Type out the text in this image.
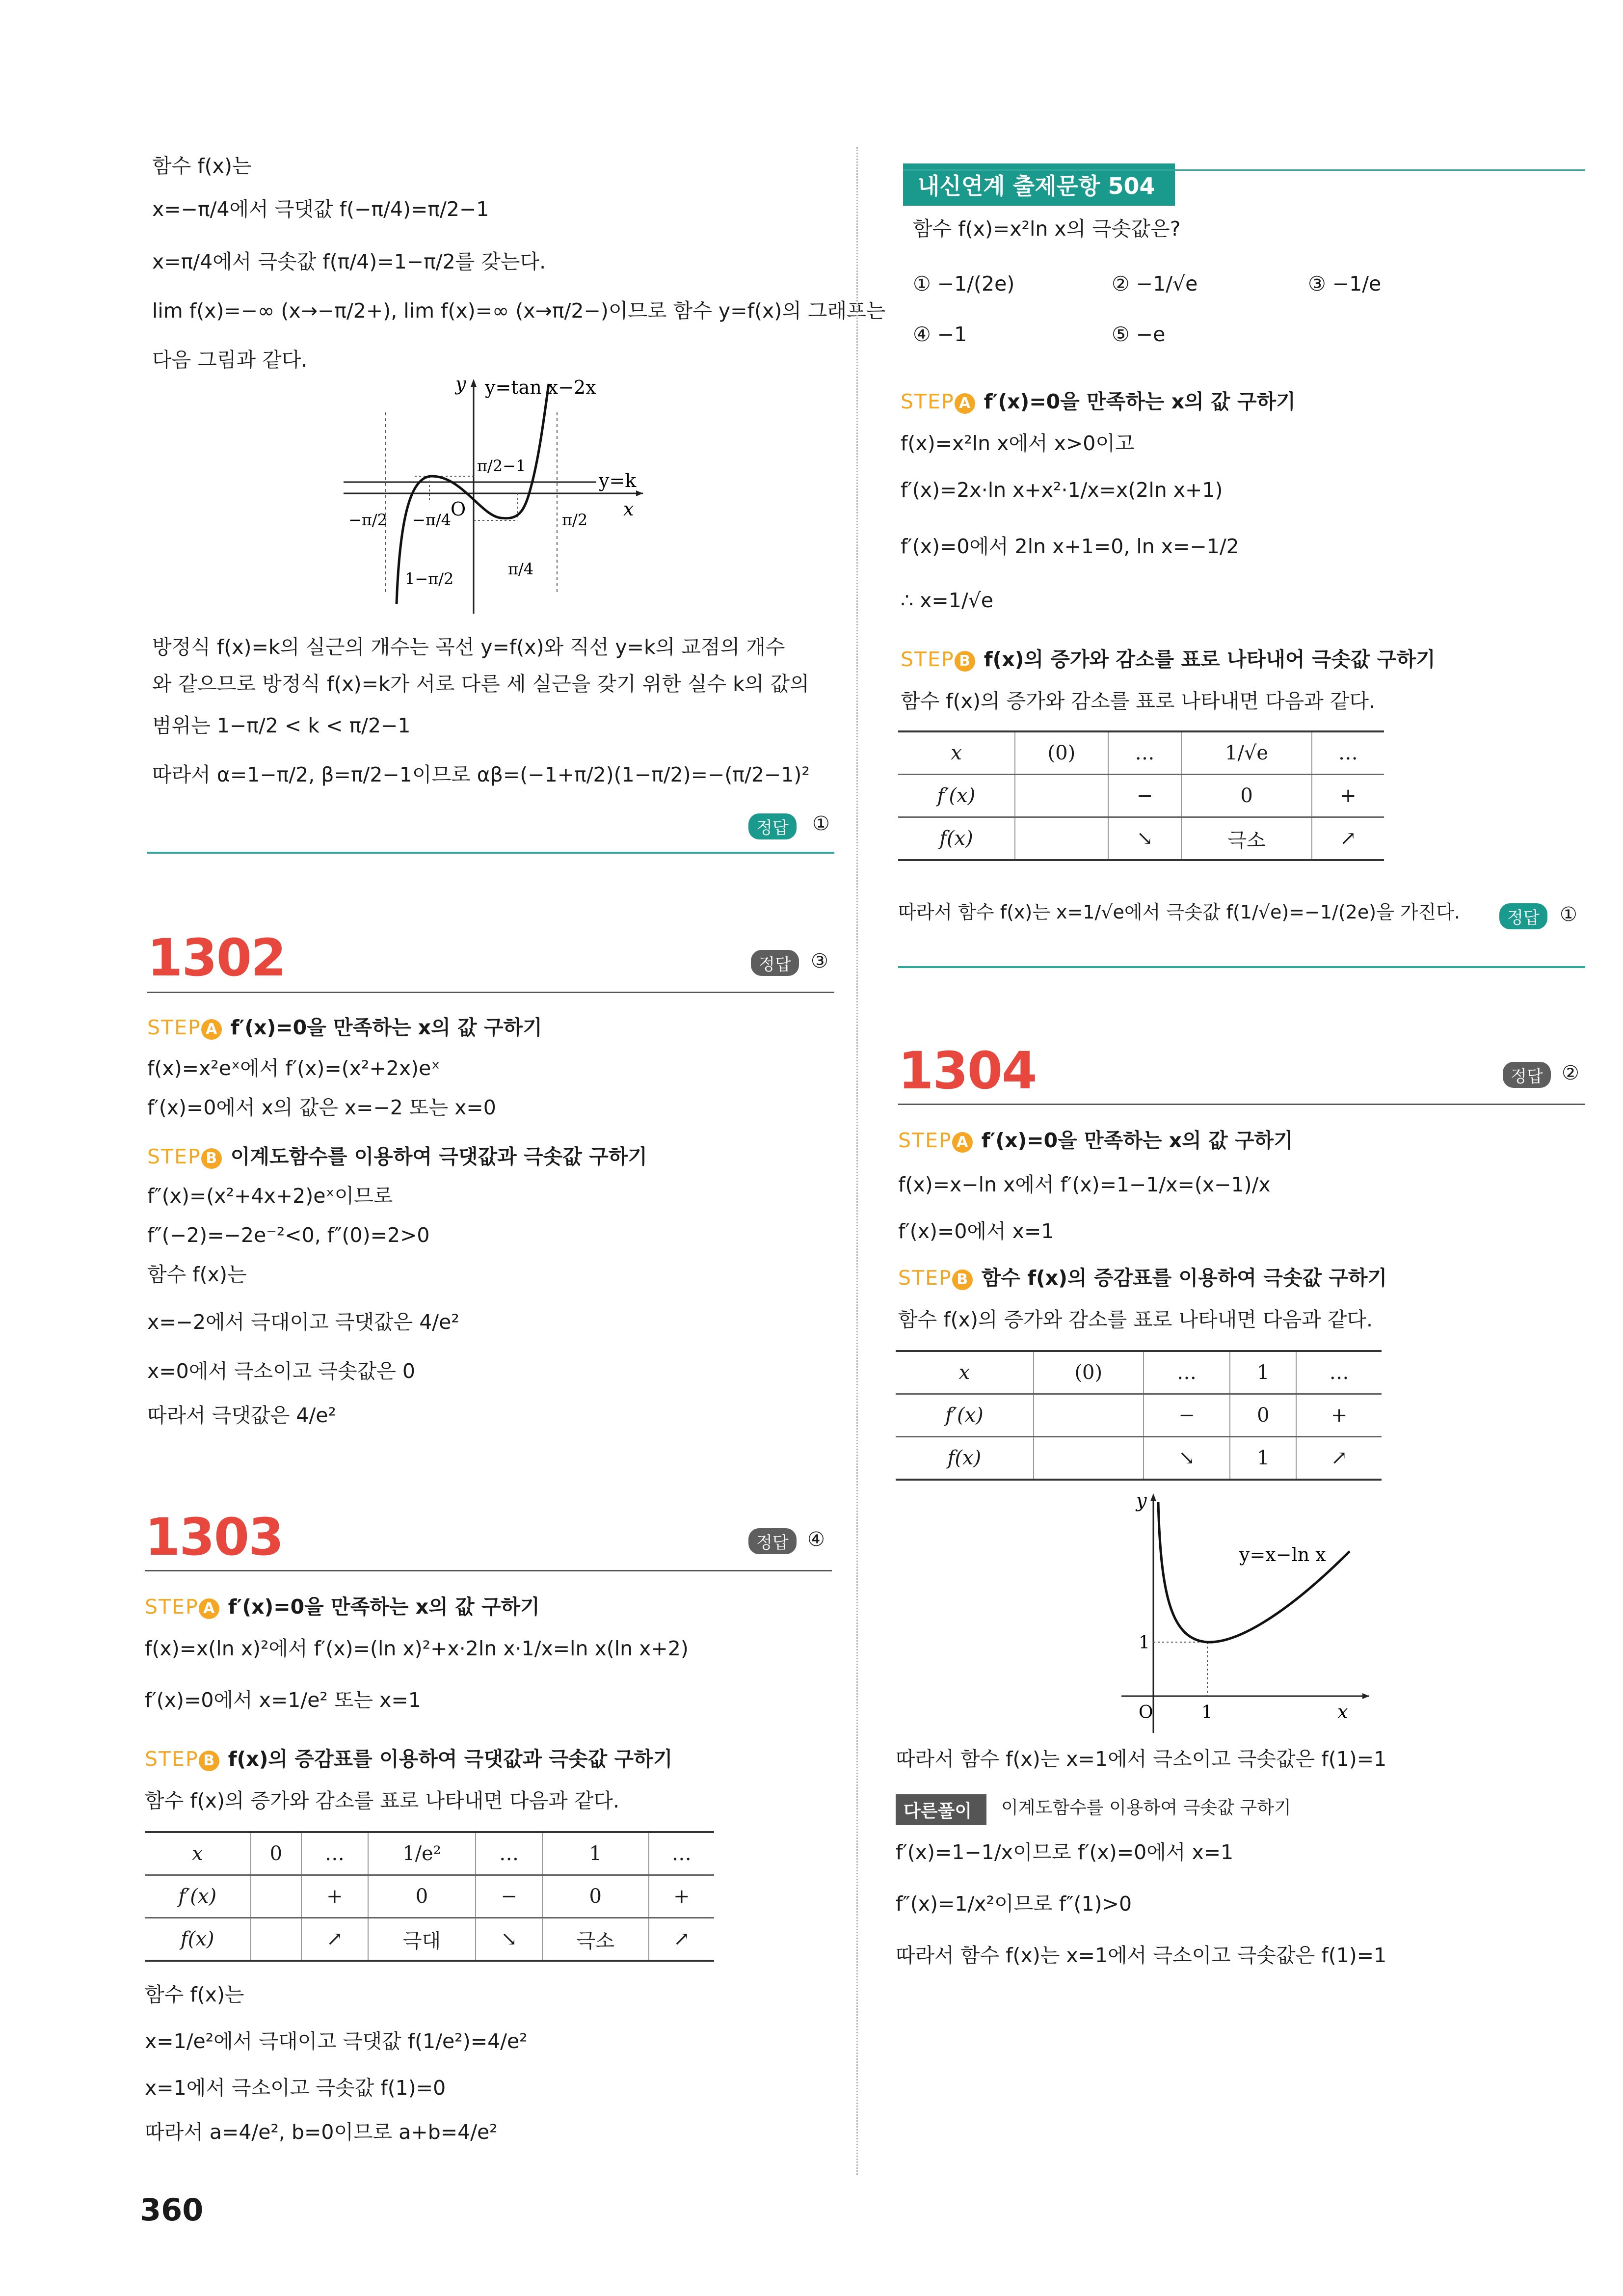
함수 f(x)는
x=−π/4에서 극댓값 f(−π/4)=π/2−1
x=π/4에서 극솟값 f(π/4)=1−π/2를 갖는다.
lim f(x)=−∞ (x→−π/2+), lim f(x)=∞ (x→π/2−)이므로 함수 y=f(x)의 그래프는
다음 그림과 같다.
y y=tan x−2x
y=k
x
O
−π/2 −π/4
π/4
π/2
π/2−1
1−π/2
방정식 f(x)=k의 실근의 개수는 곡선 y=f(x)와 직선 y=k의 교점의 개수
와 같으므로 방정식 f(x)=k가 서로 다른 세 실근을 갖기 위한 실수 k의 값의
범위는 1−π/2 < k < π/2−1
따라서 α=1−π/2, β=π/2−1이므로 αβ=(−1+π/2)(1−π/2)=−(π/2−1)²
정답	①
1302	정답	③
STEP A f′(x)=0을 만족하는 x의 값 구하기
f(x)=x²eˣ에서 f′(x)=(x²+2x)eˣ
f′(x)=0에서 x의 값은 x=−2 또는 x=0
STEP B 이계도함수를 이용하여 극댓값과 극솟값 구하기
f″(x)=(x²+4x+2)eˣ이므로
f″(−2)=−2e⁻²<0, f″(0)=2>0
함수 f(x)는
x=−2에서 극대이고 극댓값은 4/e²
x=0에서 극소이고 극솟값은 0
따라서 극댓값은 4/e²
1303	정답 ④
STEP A f′(x)=0을 만족하는 x의 값 구하기
f(x)=x(ln x)²에서 f′(x)=(ln x)²+x·2ln x·1/x=ln x(ln x+2)
f′(x)=0에서 x=1/e² 또는 x=1
STEP B f(x)의 증감표를 이용하여 극댓값과 극솟값 구하기
함수 f(x)의 증가와 감소를 표로 나타내면 다음과 같다.
x	0	…	1/e²	…	1	…
f′(x)		+	0	−	0	+
f(x)		↗	극대	↘	극소	↗
함수 f(x)는
x=1/e²에서 극대이고 극댓값 f(1/e²)=4/e²
x=1에서 극소이고 극솟값 f(1)=0
따라서 a=4/e², b=0이므로 a+b=4/e²
360
내신연계 출제문항 504
함수 f(x)=x²ln x의 극솟값은?
① −1/(2e)	② −1/√e	③ −1/e
④ −1	⑤ −e
STEP A f′(x)=0을 만족하는 x의 값 구하기
f(x)=x²ln x에서 x>0이고
f′(x)=2x·ln x+x²·1/x=x(2ln x+1)
f′(x)=0에서 2ln x+1=0, ln x=−1/2
∴ x=1/√e
STEP B f(x)의 증가와 감소를 표로 나타내어 극솟값 구하기
함수 f(x)의 증가와 감소를 표로 나타내면 다음과 같다.
x	(0)	…	1/√e	…
f′(x)		−	0	+
f(x)		↘	극소	↗
따라서 함수 f(x)는 x=1/√e에서 극솟값 f(1/√e)=−1/(2e)을 가진다.	정답	①
1304	정답 ②
STEP A f′(x)=0을 만족하는 x의 값 구하기
f(x)=x−ln x에서 f′(x)=1−1/x=(x−1)/x
f′(x)=0에서 x=1
STEP B 함수 f(x)의 증감표를 이용하여 극솟값 구하기
함수 f(x)의 증가와 감소를 표로 나타내면 다음과 같다.
x	(0)	…	1	…
f′(x)		−	0	+
f(x)		↘	1	↗
y
y=x−ln x
1
O	1	x
따라서 함수 f(x)는 x=1에서 극소이고 극솟값은 f(1)=1
다른풀이	이계도함수를 이용하여 극솟값 구하기
f′(x)=1−1/x이므로 f′(x)=0에서 x=1
f″(x)=1/x²이므로 f″(1)>0
따라서 함수 f(x)는 x=1에서 극소이고 극솟값은 f(1)=1
